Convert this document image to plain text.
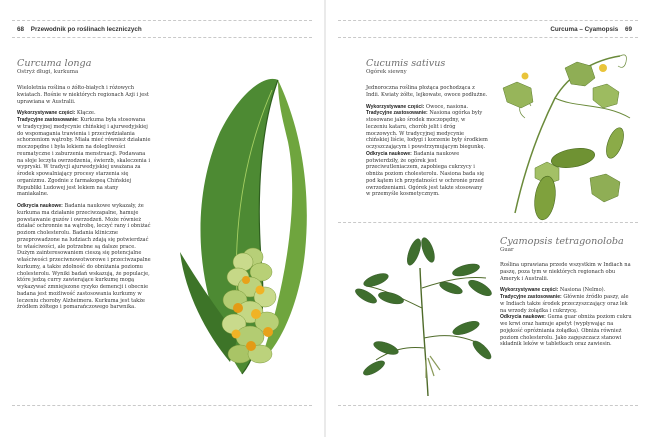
68 Przewodnik po roślinach leczniczych
Curcuma longa
Ostryż długi, kurkuma

Wieloletnia roślina o żółto-białych i różowych kwiatach. Rośnie w niektórych regionach Azji i jest uprawiana w Australii.

Wykorzystywane części: Kłącze.

Tradycyjne zastosowanie: Kurkuma była stosowana w tradycyjnej medycynie chińskiej i ajurwedyjskiej do wspomagania trawienia i przeciwdziałania schorzeniom wątroby. Miała mieć również działanie moczopędne i była lekiem na dolegliwości reumatyczne i zaburzenia menstruacji. Podawana na słoje leczyła owrzodzenia, świerzb, skaleczenia i wypryski. W tradycji ajurwedyjskiej uważana za środek spowalniający procesy starzenia się organizmu. Zgodnie z farmakopeą Chińskiej Republiki Ludowej jest lekiem na stany maniakalne.

Odkrycia naukowe: Badania naukowe wykazały, że kurkuma ma działanie przeciwzapalne, hamuje powstawanie guzów i owrzodzeń. Może również działać ochronnie na wątrobę, leczyć rany i obniżać poziom cholesterolu. Badania kliniczne przeprowadzone na ludziach zdają się potwierdzać te właściwości, ale potrzebne są dalsze prace. Dużym zainteresowaniem cieszą się potencjalne właściwości przeciwnowotworowe i przeciwzapalne kurkumy, a także zdolność do obniżania poziomu cholesterolu. Wyniki badań wskazują, że populacje, które jedzą curry zawierające kurkumę mogą wykazywać zmniejszone ryzyko demencji i obecnie badana jest możliwość zastosowania kurkumy w leczeniu choroby Alzheimera. Kurkuma jest także źródłem żółtego i pomarańczowego barwnika.

Curcuma – Cyamopsis 69
Cucumis sativus
Ogórek siewny

Jednoroczna roślina płożąca pochodząca z Indii. Kwiaty żółte, lejkowate, owoce podłużne.

Wykorzystywane części: Owoce, nasiona.
Tradycyjne zastosowanie: Nasiona ogórka były stosowane jako środek moczopędny, w leczeniu kataru, chorób jelit i dróg moczowych. W tradycyjnej medycynie chińskiej liście, łodygi i korzenie były środkiem oczyszczającym i powstrzymującym biegunkę.
Odkrycia naukowe: Badania naukowe potwierdziły, że ogórek jest przeciwutleniaczem, zapobiega cukrzycy i obniża poziom cholesterolu. Nasiona bada się pod kątem ich przydatności w ochronie przed owrzodzeniami. Ogórek jest także stosowany w przemyśle kosmetycznym.
Cyamopsis tetragonoloba
Guar

Roślina uprawiana przede wszystkim w Indiach na paszę, poza tym w niektórych regionach obu Ameryk i Australii.

Wykorzystywane części: Nasiona (Nelmo).
Tradycyjne zastosowanie: Głównie źródło paszy, ale w Indiach także środek przeczyszczający oraz lek na wrzody żołądka i cukrzycę.
Odkrycia naukowe: Guma guar obniża poziom cukru we krwi oraz hamuje apetyt (wypływając na pojękość opróżniania żołądka). Obniża również poziom cholesterolu. Jako zagęszczacz stanowi składnik leków w tabletkach oraz zawiesin.
